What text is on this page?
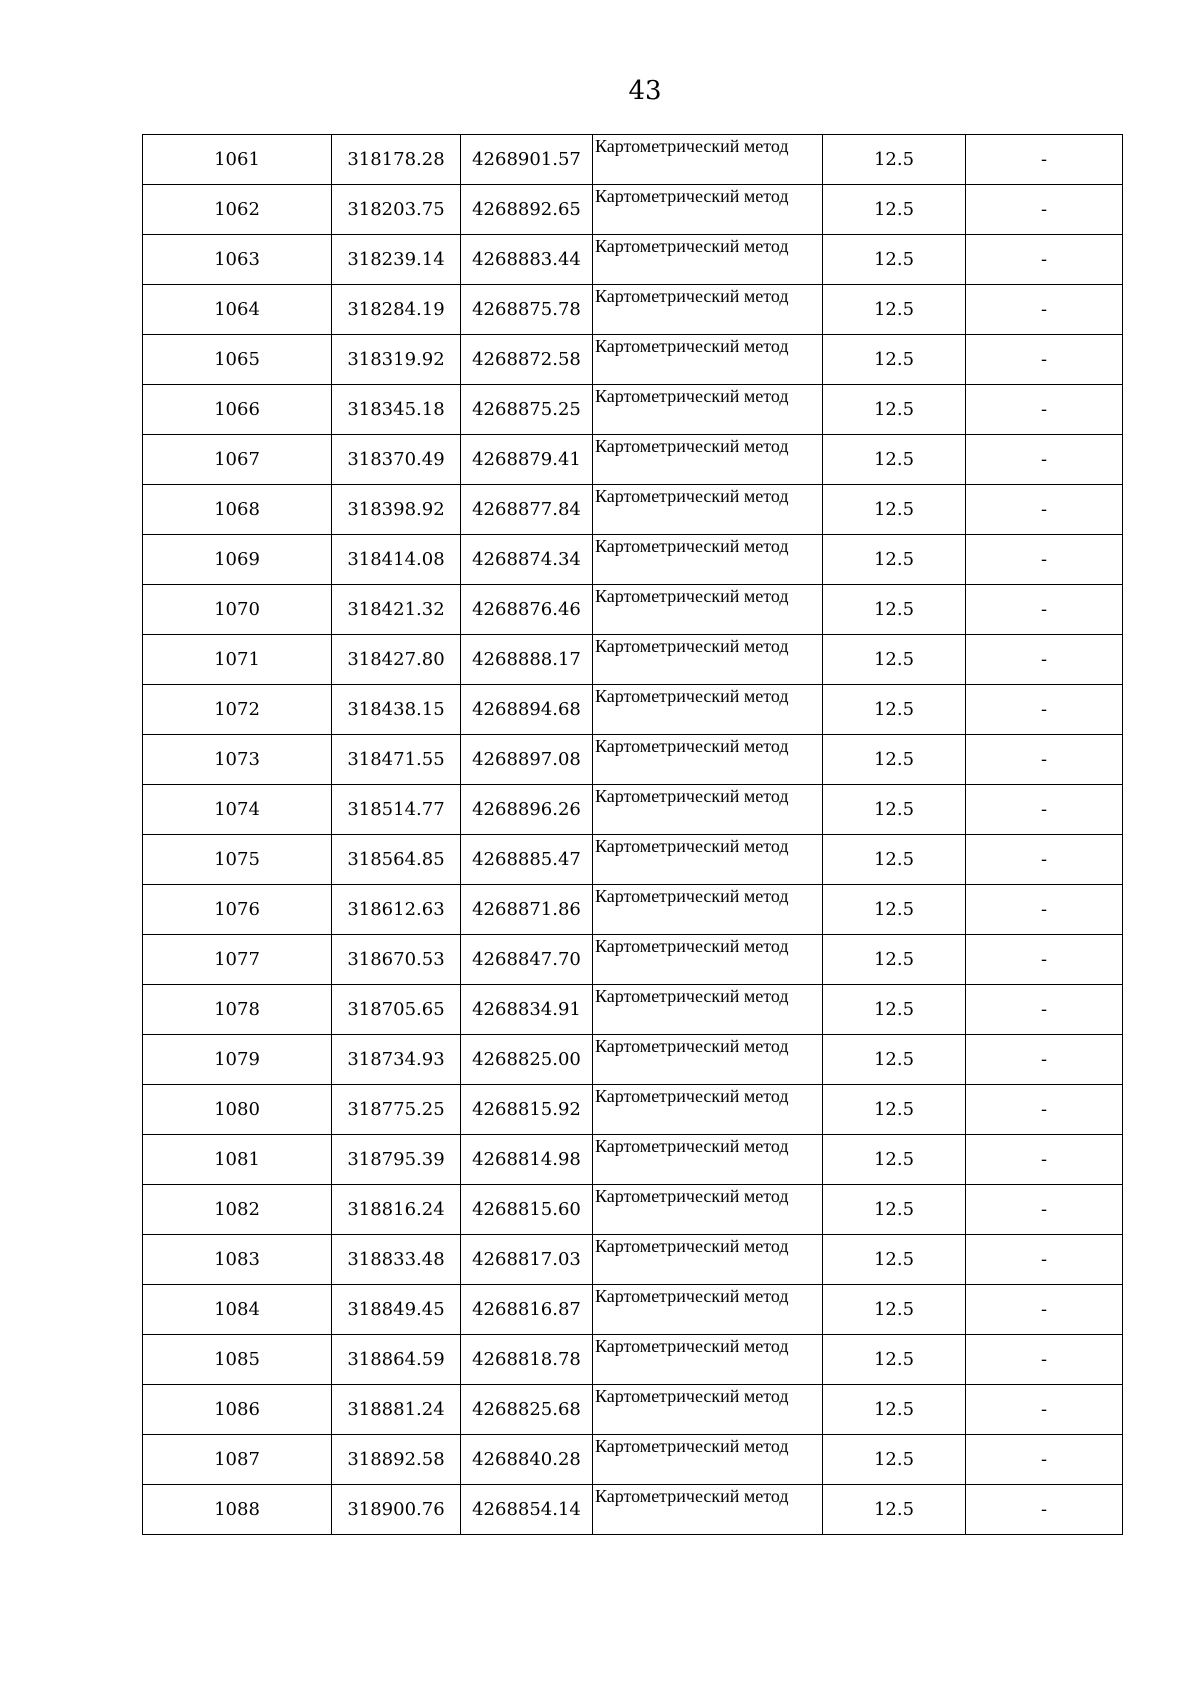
43
1061	318178.28	4268901.57	Картометрический метод	12.5	-
1062	318203.75	4268892.65	Картометрический метод	12.5	-
1063	318239.14	4268883.44	Картометрический метод	12.5	-
1064	318284.19	4268875.78	Картометрический метод	12.5	-
1065	318319.92	4268872.58	Картометрический метод	12.5	-
1066	318345.18	4268875.25	Картометрический метод	12.5	-
1067	318370.49	4268879.41	Картометрический метод	12.5	-
1068	318398.92	4268877.84	Картометрический метод	12.5	-
1069	318414.08	4268874.34	Картометрический метод	12.5	-
1070	318421.32	4268876.46	Картометрический метод	12.5	-
1071	318427.80	4268888.17	Картометрический метод	12.5	-
1072	318438.15	4268894.68	Картометрический метод	12.5	-
1073	318471.55	4268897.08	Картометрический метод	12.5	-
1074	318514.77	4268896.26	Картометрический метод	12.5	-
1075	318564.85	4268885.47	Картометрический метод	12.5	-
1076	318612.63	4268871.86	Картометрический метод	12.5	-
1077	318670.53	4268847.70	Картометрический метод	12.5	-
1078	318705.65	4268834.91	Картометрический метод	12.5	-
1079	318734.93	4268825.00	Картометрический метод	12.5	-
1080	318775.25	4268815.92	Картометрический метод	12.5	-
1081	318795.39	4268814.98	Картометрический метод	12.5	-
1082	318816.24	4268815.60	Картометрический метод	12.5	-
1083	318833.48	4268817.03	Картометрический метод	12.5	-
1084	318849.45	4268816.87	Картометрический метод	12.5	-
1085	318864.59	4268818.78	Картометрический метод	12.5	-
1086	318881.24	4268825.68	Картометрический метод	12.5	-
1087	318892.58	4268840.28	Картометрический метод	12.5	-
1088	318900.76	4268854.14	Картометрический метод	12.5	-
